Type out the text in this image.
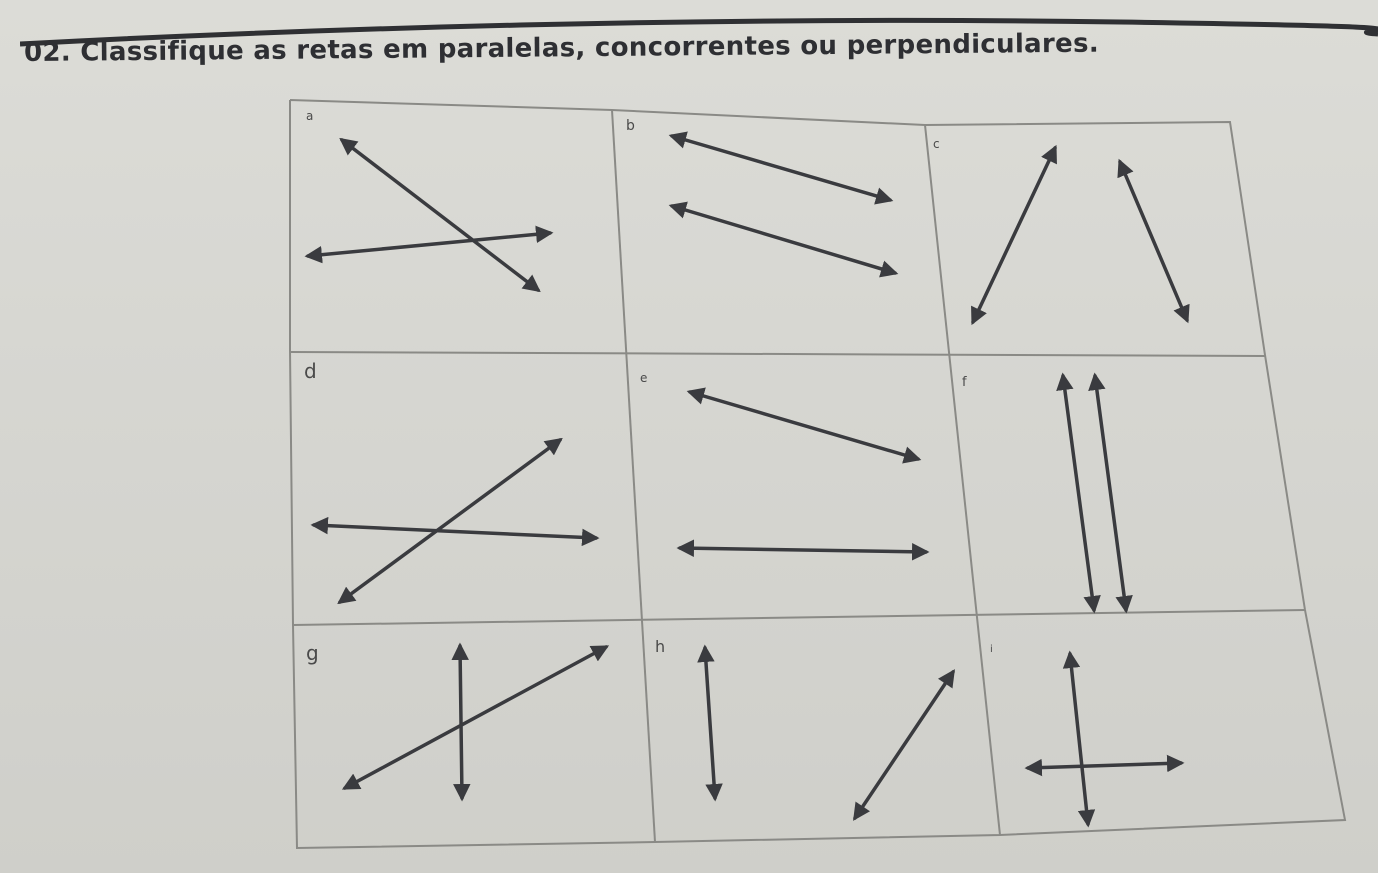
02. Classifique as retas em paralelas, concorrentes ou perpendiculares.
a
b
c
d	e	f
g	h	i
